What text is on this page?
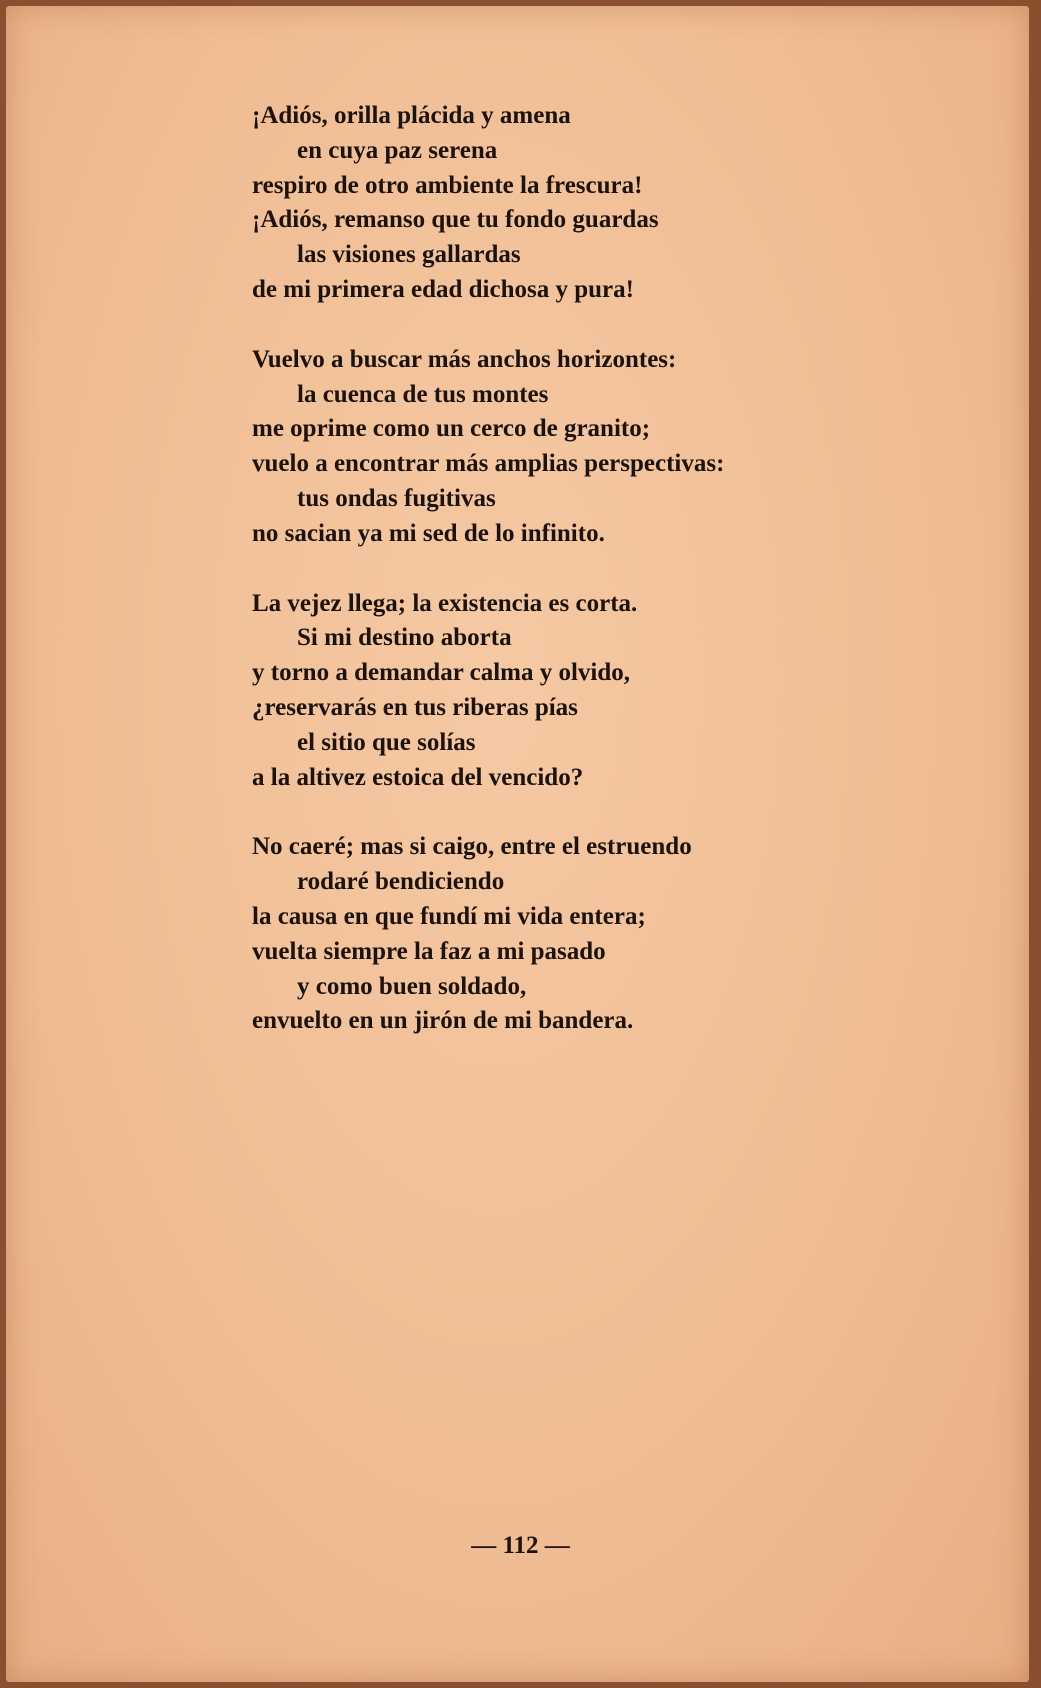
¡Adiós, orilla plácida y amena
en cuya paz serena
respiro de otro ambiente la frescura!
¡Adiós, remanso que tu fondo guardas
las visiones gallardas
de mi primera edad dichosa y pura!
Vuelvo a buscar más anchos horizontes:
la cuenca de tus montes
me oprime como un cerco de granito;
vuelo a encontrar más amplias perspectivas:
tus ondas fugitivas
no sacian ya mi sed de lo infinito.
La vejez llega; la existencia es corta.
Si mi destino aborta
y torno a demandar calma y olvido,
¿reservarás en tus riberas pías
el sitio que solías
a la altivez estoica del vencido?
No caeré; mas si caigo, entre el estruendo
rodaré bendiciendo
la causa en que fundí mi vida entera;
vuelta siempre la faz a mi pasado
y como buen soldado,
envuelto en un jirón de mi bandera.
— 112 —
